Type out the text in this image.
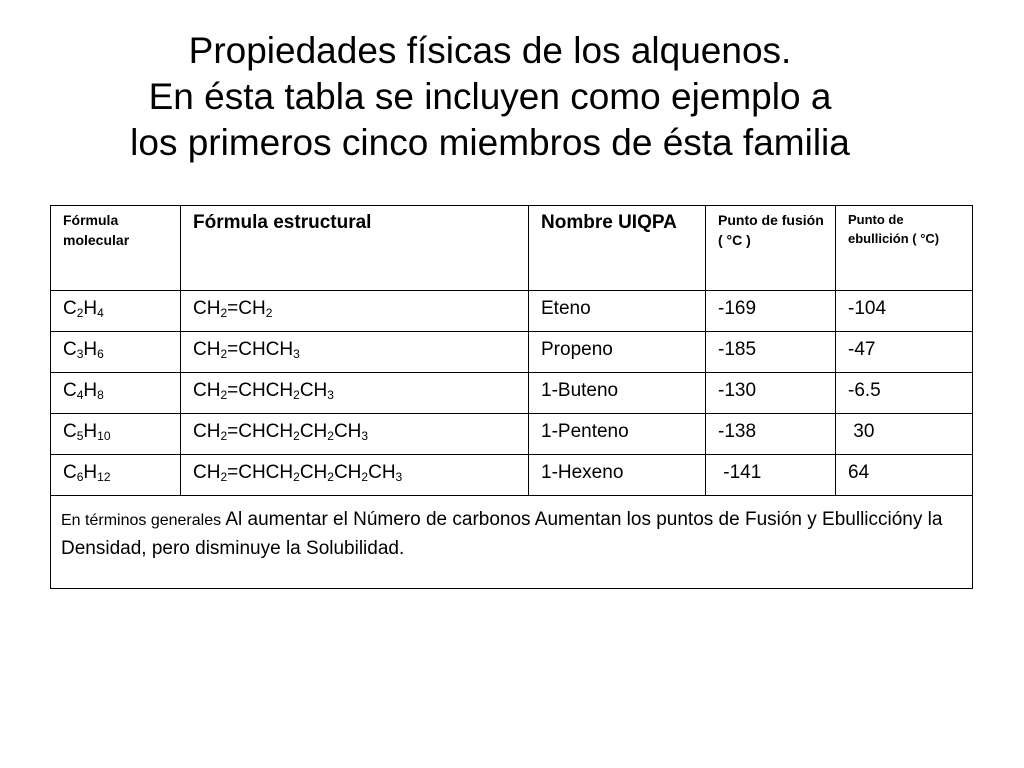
Propiedades físicas de los alquenos.
En ésta tabla se incluyen como ejemplo a
los primeros cinco miembros de ésta familia
Fórmula molecular	Fórmula estructural	Nombre UIQPA	Punto de fusión ( °C )	Punto de ebullición ( °C)
$C_2H_4$	$CH_2=CH_2$	Eteno	-169	-104
$C_3H_6$	$CH_2=CHCH_3$	Propeno	-185	-47
$C_4H_8$	$CH_2=CHCH_2CH_3$	1-Buteno	-130	-6.5
$C_5H_{10}$	$CH_2=CHCH_2CH_2CH_3$	1-Penteno	-138	30
$C_6H_{12}$	$CH_2=CHCH_2CH_2CH_2CH_3$	1-Hexeno	-141	64
En términos generales Al aumentar el Número de carbonos Aumentan los puntos de Fusión y Ebulliccióny la Densidad, pero disminuye la Solubilidad.				
